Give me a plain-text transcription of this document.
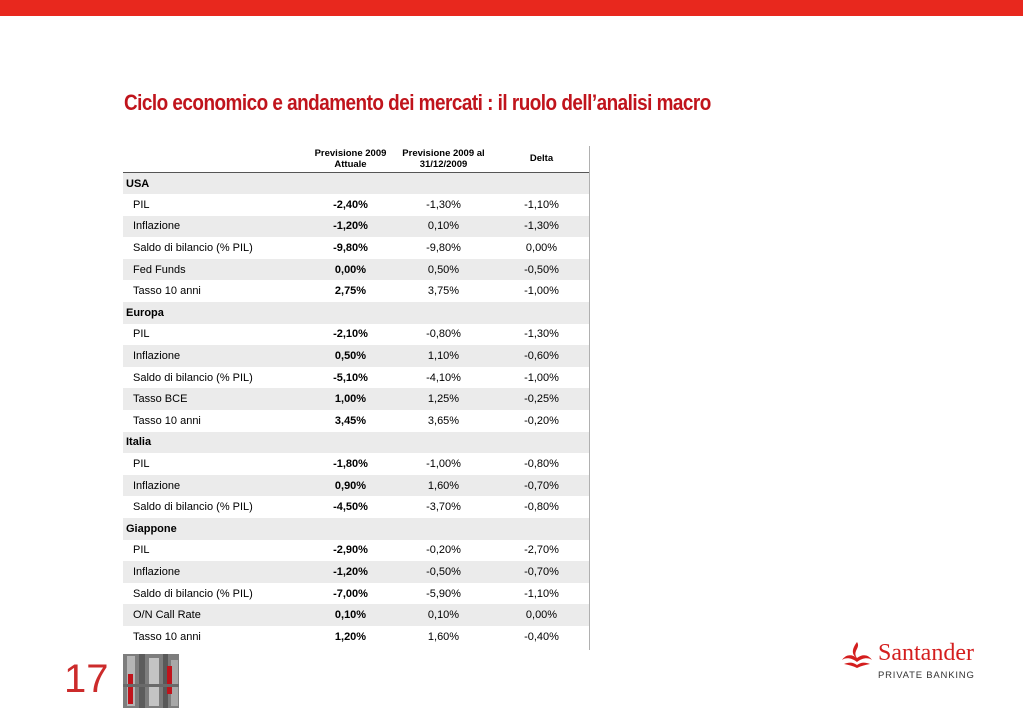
Ciclo economico e andamento dei mercati : il ruolo dell’analisi macro
	Previsione 2009 Attuale	Previsione 2009 al 31/12/2009	Delta
USA			
PIL	-2,40%	-1,30%	-1,10%
Inflazione	-1,20%	0,10%	-1,30%
Saldo di bilancio (% PIL)	-9,80%	-9,80%	0,00%
Fed Funds	0,00%	0,50%	-0,50%
Tasso 10 anni	2,75%	3,75%	-1,00%
Europa			
PIL	-2,10%	-0,80%	-1,30%
Inflazione	0,50%	1,10%	-0,60%
Saldo di bilancio (% PIL)	-5,10%	-4,10%	-1,00%
Tasso BCE	1,00%	1,25%	-0,25%
Tasso 10 anni	3,45%	3,65%	-0,20%
Italia			
PIL	-1,80%	-1,00%	-0,80%
Inflazione	0,90%	1,60%	-0,70%
Saldo di bilancio (% PIL)	-4,50%	-3,70%	-0,80%
Giappone			
PIL	-2,90%	-0,20%	-2,70%
Inflazione	-1,20%	-0,50%	-0,70%
Saldo di bilancio (% PIL)	-7,00%	-5,90%	-1,10%
O/N Call Rate	0,10%	0,10%	0,00%
Tasso 10 anni	1,20%	1,60%	-0,40%
17
Santander
PRIVATE BANKING
